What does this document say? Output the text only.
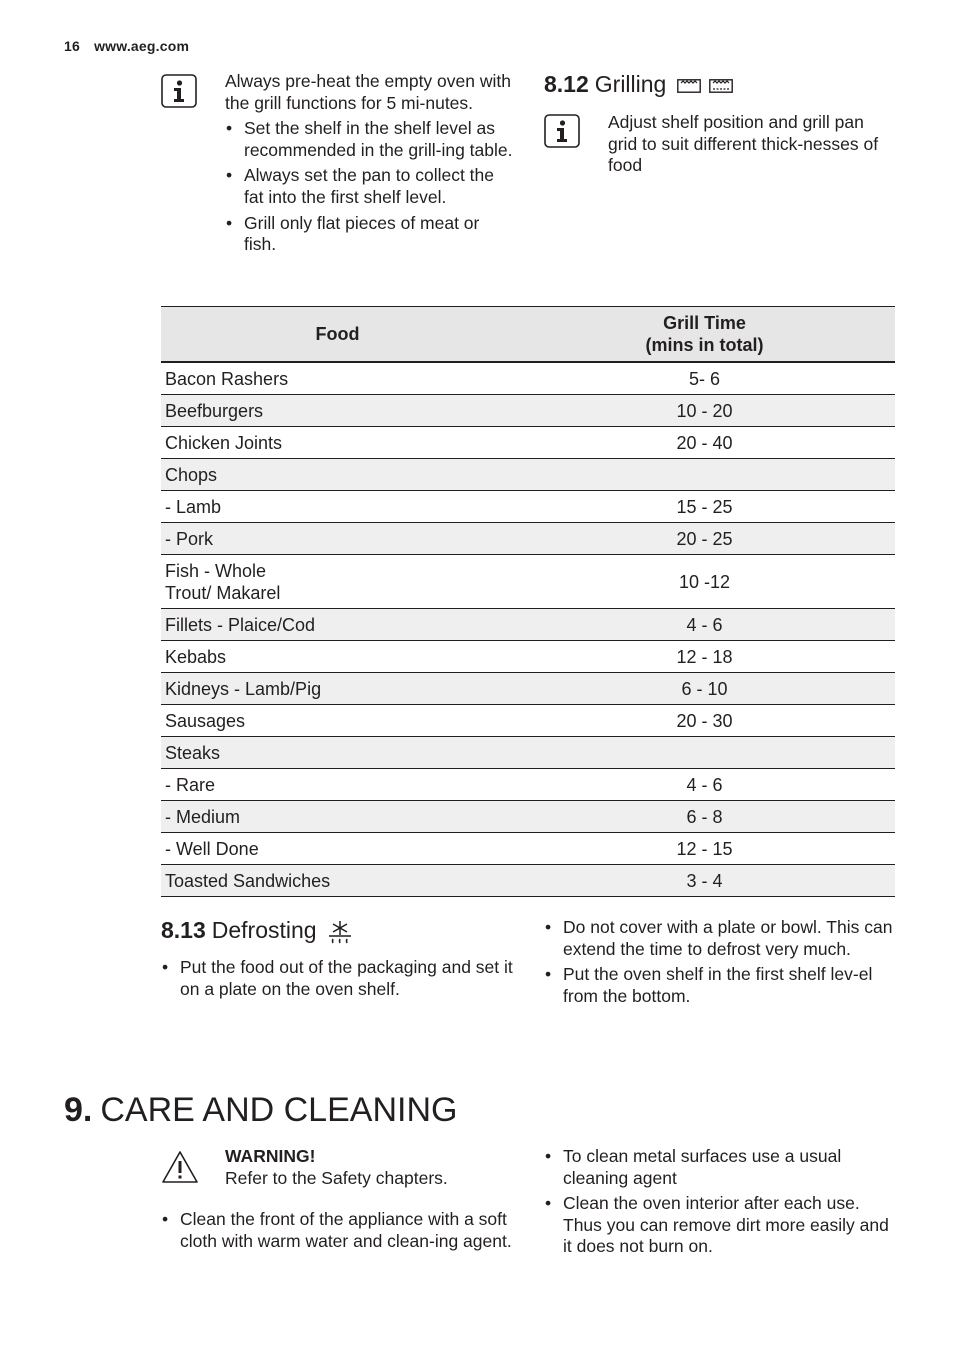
16 www.aeg.com
Always pre-heat the empty oven with the grill functions for 5 mi-nutes.
• Set the shelf in the shelf level as recommended in the grill-ing table.
• Always set the pan to collect the fat into the first shelf level.
• Grill only flat pieces of meat or fish.
8.12 Grilling
Adjust shelf position and grill pan grid to suit different thick-nesses of food
Food	Grill Time
(mins in total)

Bacon Rashers	5- 6
Beefburgers	10 - 20
Chicken Joints	20 - 40
Chops	
- Lamb	15 - 25
- Pork	20 - 25

Fish - Whole
Trout/ Makarel	10 -12
Fillets - Plaice/Cod	4 - 6
Kebabs	12 - 18
Kidneys - Lamb/Pig	6 - 10
Sausages	20 - 30
Steaks	
- Rare	4 - 6
- Medium	6 - 8
- Well Done	12 - 15
Toasted Sandwiches	3 - 4
8.13 Defrosting
• Put the food out of the packaging and set it on a plate on the oven shelf.
• Do not cover with a plate or bowl. This can extend the time to defrost very much.
• Put the oven shelf in the first shelf lev-el from the bottom.
9. CARE AND CLEANING
WARNING!
Refer to the Safety chapters.
• Clean the front of the appliance with a soft cloth with warm water and clean-ing agent.
• To clean metal surfaces use a usual cleaning agent
• Clean the oven interior after each use. Thus you can remove dirt more easily and it does not burn on.
